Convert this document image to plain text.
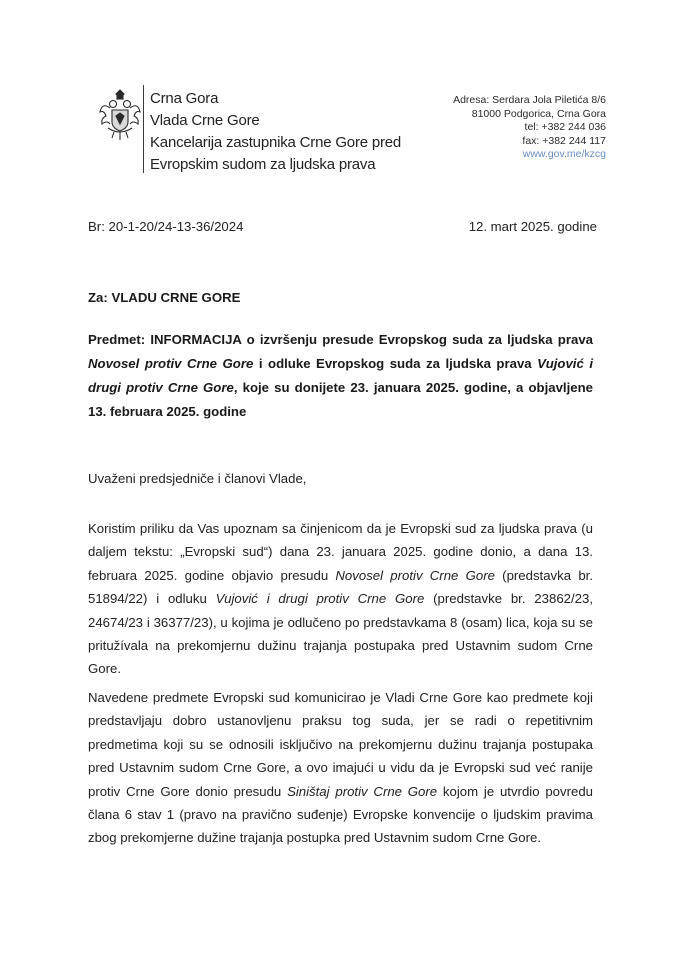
Crna Gora
Vlada Crne Gore
Kancelarija zastupnika Crne Gore pred
Evropskim sudom za ljudska prava
Adresa: Serdara Jola Piletića 8/6
81000 Podgorica, Crna Gora
tel: +382 244 036
fax: +382 244 117
www.gov.me/kzcg
Br: 20-1-20/24-13-36/2024	12. mart 2025. godine
Za: VLADU CRNE GORE
Predmet: INFORMACIJA o izvršenju presude Evropskog suda za ljudska prava Novosel protiv Crne Gore i odluke Evropskog suda za ljudska prava Vujović i drugi protiv Crne Gore, koje su donijete 23. januara 2025. godine, a objavljene 13. februara 2025. godine
Uvaženi predsjedniče i članovi Vlade,
Koristim priliku da Vas upoznam sa činjenicom da je Evropski sud za ljudska prava (u daljem tekstu: „Evropski sud“) dana 23. januara 2025. godine donio, a dana 13. februara 2025. godine objavio presudu Novosel protiv Crne Gore (predstavka br. 51894/22) i odluku Vujović i drugi protiv Crne Gore (predstavke br. 23862/23, 24674/23 i 36377/23), u kojima je odlučeno po predstavkama 8 (osam) lica, koja su se pritužívala na prekomjernu dužinu trajanja postupaka pred Ustavnim sudom Crne Gore.
Navedene predmete Evropski sud komunicirao je Vladi Crne Gore kao predmete koji predstavljaju dobro ustanovljenu praksu tog suda, jer se radi o repetitivnim predmetima koji su se odnosili isključivo na prekomjernu dužinu trajanja postupaka pred Ustavnim sudom Crne Gore, a ovo imajući u vidu da je Evropski sud već ranije protiv Crne Gore donio presudu Siništaj protiv Crne Gore kojom je utvrdio povredu člana 6 stav 1 (pravo na pravično suđenje) Evropske konvencije o ljudskim pravima zbog prekomjerne dužine trajanja postupka pred Ustavnim sudom Crne Gore.
